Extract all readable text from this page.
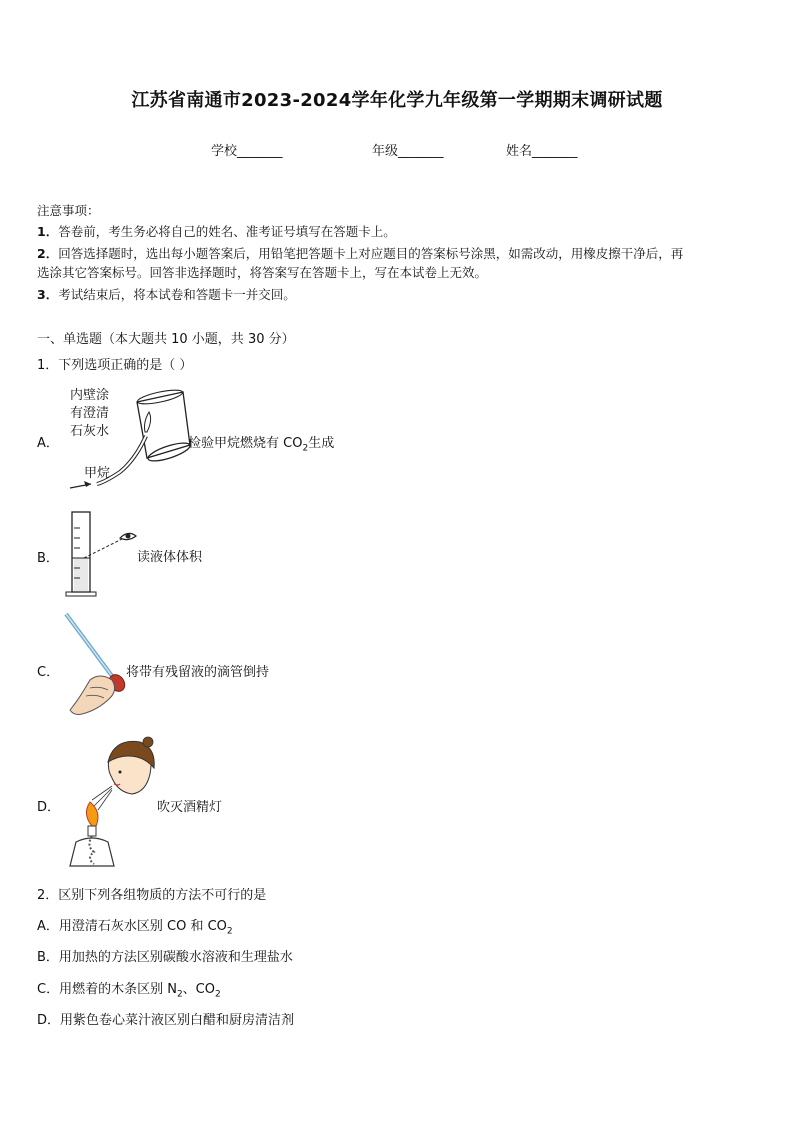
江苏省南通市2023-2024学年化学九年级第一学期期末调研试题
学校_______	年级_______	姓名_______
注意事项：
1．答卷前，考生务必将自己的姓名、准考证号填写在答题卡上。
2．回答选择题时，选出每小题答案后，用铅笔把答题卡上对应题目的答案标号涂黑，如需改动，用橡皮擦干净后，再
选涂其它答案标号。回答非选择题时，将答案写在答题卡上，写在本试卷上无效。
3．考试结束后，将本试卷和答题卡一并交回。
一、单选题（本大题共 10 小题，共 30 分）
1．下列选项正确的是（ ）
A．
内壁涂
有澄清
石灰水
甲烷
检验甲烷燃烧有 $CO_2$生成
B．	读液体体积
C．	将带有残留液的滴管倒持
D．	吹灭酒精灯
2．区别下列各组物质的方法不可行的是
A．用澄清石灰水区别 CO 和 $CO_2$
B．用加热的方法区别碳酸水溶液和生理盐水
C．用燃着的木条区别 $N_2$、$CO_2$
D．用紫色卷心菜汁液区别白醋和厨房清洁剂
